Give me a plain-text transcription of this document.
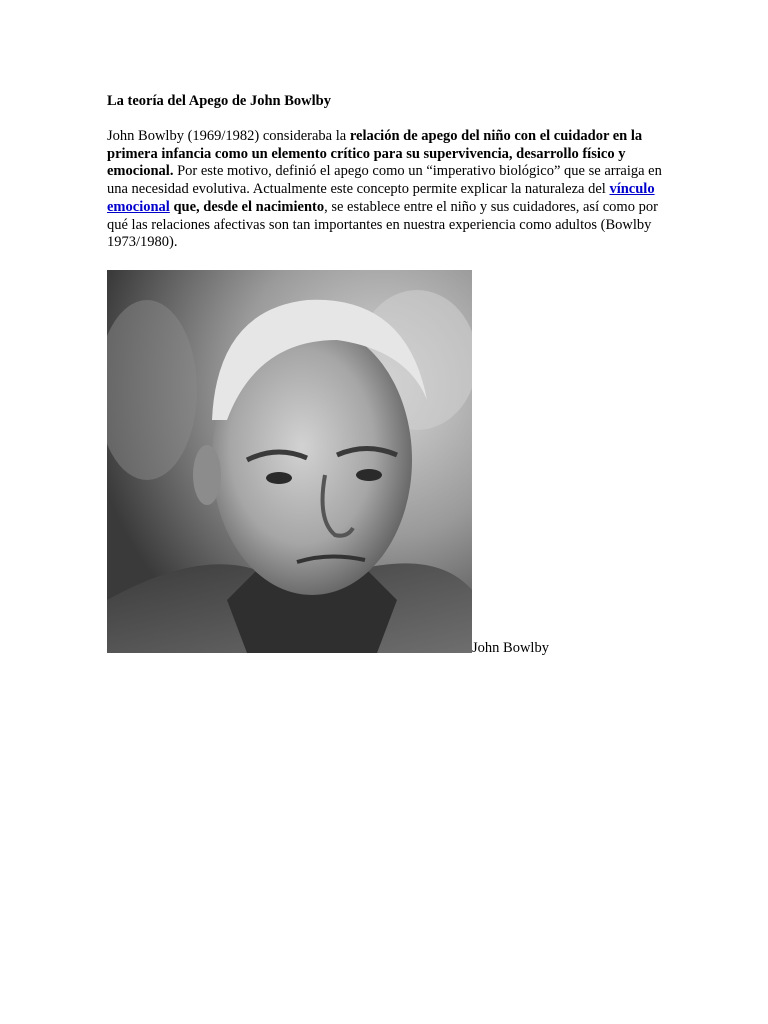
La teoría del Apego de John Bowlby

John Bowlby (1969/1982) consideraba la relación de apego del niño con el cuidador en la primera infancia como un elemento crítico para su supervivencia, desarrollo físico y emocional. Por este motivo, definió el apego como un “imperativo biológico” que se arraiga en una necesidad evolutiva. Actualmente este concepto permite explicar la naturaleza del vínculo emocional que, desde el nacimiento, se establece entre el niño y sus cuidadores, así como por qué las relaciones afectivas son tan importantes en nuestra experiencia como adultos (Bowlby 1973/1980).

John Bowlby
